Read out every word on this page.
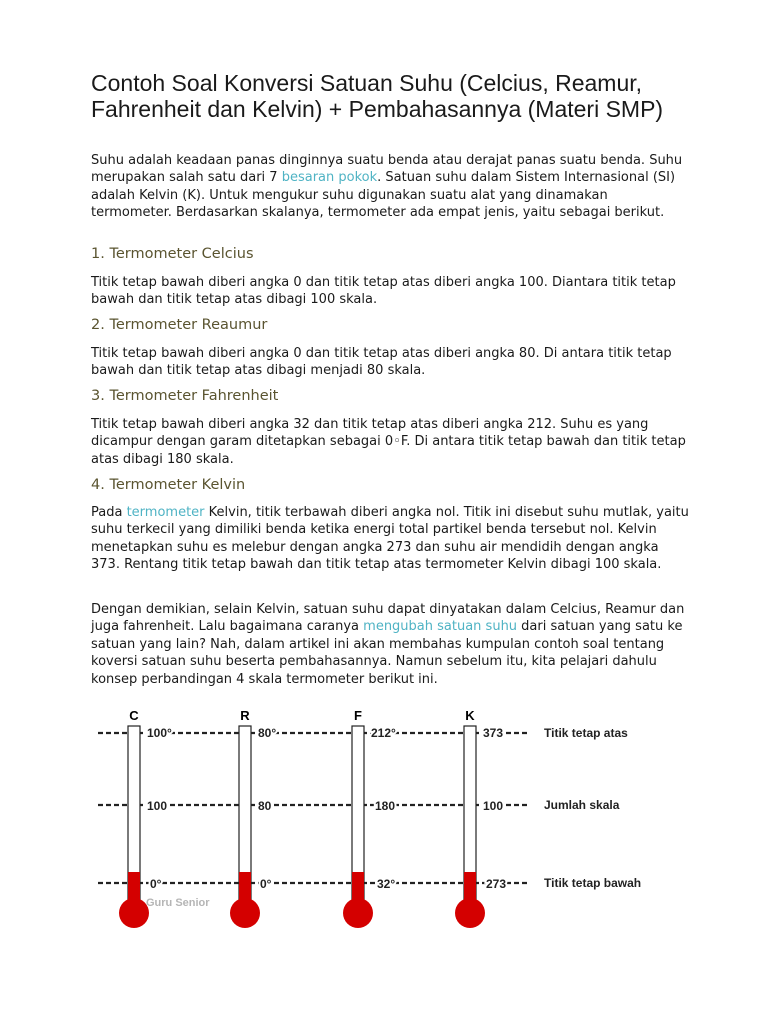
Contoh Soal Konversi Satuan Suhu (Celcius, Reamur, Fahrenheit dan Kelvin) + Pembahasannya (Materi SMP)

Suhu adalah keadaan panas dinginnya suatu benda atau derajat panas suatu benda. Suhu merupakan salah satu dari 7 besaran pokok. Satuan suhu dalam Sistem Internasional (SI) adalah Kelvin (K). Untuk mengukur suhu digunakan suatu alat yang dinamakan termometer. Berdasarkan skalanya, termometer ada empat jenis, yaitu sebagai berikut.

1. Termometer Celcius

Titik tetap bawah diberi angka 0 dan titik tetap atas diberi angka 100. Diantara titik tetap bawah dan titik tetap atas dibagi 100 skala.

2. Termometer Reaumur

Titik tetap bawah diberi angka 0 dan titik tetap atas diberi angka 80. Di antara titik tetap bawah dan titik tetap atas dibagi menjadi 80 skala.

3. Termometer Fahrenheit

Titik tetap bawah diberi angka 32 dan titik tetap atas diberi angka 212. Suhu es yang dicampur dengan garam ditetapkan sebagai 0◦F. Di antara titik tetap bawah dan titik tetap atas dibagi 180 skala.

4. Termometer Kelvin

Pada termometer Kelvin, titik terbawah diberi angka nol. Titik ini disebut suhu mutlak, yaitu suhu terkecil yang dimiliki benda ketika energi total partikel benda tersebut nol. Kelvin menetapkan suhu es melebur dengan angka 273 dan suhu air mendidih dengan angka 373. Rentang titik tetap bawah dan titik tetap atas termometer Kelvin dibagi 100 skala.

Dengan demikian, selain Kelvin, satuan suhu dapat dinyatakan dalam Celcius, Reamur dan juga fahrenheit. Lalu bagaimana caranya mengubah satuan suhu dari satuan yang satu ke satuan yang lain? Nah, dalam artikel ini akan membahas kumpulan contoh soal tentang koversi satuan suhu beserta pembahasannya. Namun sebelum itu, kita pelajari dahulu konsep perbandingan 4 skala termometer berikut ini.

C
100°
100
0°
R
80°
80
0°
F
212°
180
32°
K
373
100
273
Titik tetap atas
Jumlah skala
Titik tetap bawah
Guru Senior
